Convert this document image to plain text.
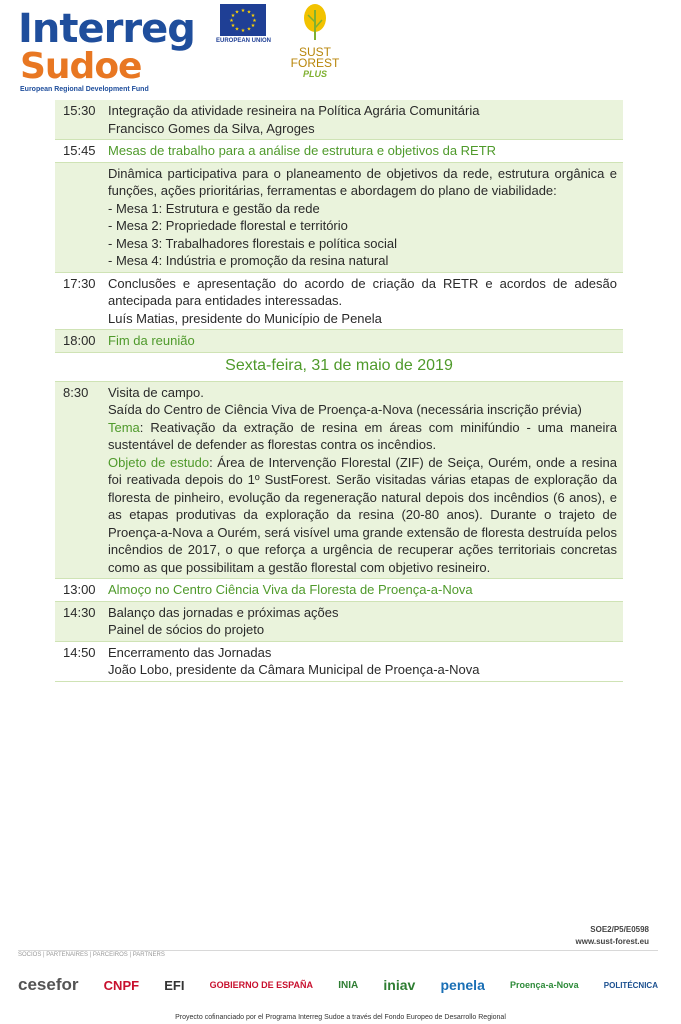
Interreg
Sudoe
European Regional Development Fund
★ ★
★
★
★
★
★
★
★
★
★
★
EUROPEAN UNION
SUST
FOREST
PLUS
15:30 Integração da atividade resineira na Política Agrária Comunitária
Francisco Gomes da Silva, Agroges
15:45 Mesas de trabalho para a análise de estrutura e objetivos da RETR
Dinâmica participativa para o planeamento de objetivos da rede, estrutura orgânica e funções, ações prioritárias, ferramentas e abordagem do plano de viabilidade:
- Mesa 1: Estrutura e gestão da rede
- Mesa 2: Propriedade florestal e território
- Mesa 3: Trabalhadores florestais e política social
- Mesa 4: Indústria e promoção da resina natural
17:30 Conclusões e apresentação do acordo de criação da RETR e acordos de adesão antecipada para entidades interessadas.
Luís Matias, presidente do Município de Penela
18:00 Fim da reunião
Sexta-feira, 31 de maio de 2019
8:30	Visita de campo.
Saída do Centro de Ciência Viva de Proença-a-Nova (necessária inscrição prévia)
Tema: Reativação da extração de resina em áreas com minifúndio - uma maneira sustentável de defender as florestas contra os incêndios.
Objeto de estudo: Área de Intervenção Florestal (ZIF) de Seiça, Ourém, onde a resina foi reativada depois do 1º SustForest. Serão visitadas várias etapas de exploração da floresta de pinheiro, evolução da regeneração natural depois dos incêndios (6 anos), e as etapas produtivas da exploração da resina (20-80 anos). Durante o trajeto de Proença-a-Nova a Ourém, será visível uma grande extensão de floresta destruída pelos incêndios de 2017, o que reforça a urgência de recuperar ações territoriais concretas como as que possibilitam a gestão florestal com objetivo resineiro.
13:00 Almoço no Centro Ciência Viva da Floresta de Proença-a-Nova
14:30 Balanço das jornadas e próximas ações
Painel de sócios do projeto
14:50 Encerramento das Jornadas
João Lobo, presidente da Câmara Municipal de Proença-a-Nova
SOE2/P5/E0598
www.sust-forest.eu
SOCIOS | PARTENAIRES | PARCEIROS | PARTNERS
cesefor CNPF EFI	GOBIERNO DE ESPAÑA	INIA iniav penela	Proença-a-Nova	POLITÉCNICA
Proyecto cofinanciado por el Programa Interreg Sudoe a través del Fondo Europeo de Desarrollo Regional
